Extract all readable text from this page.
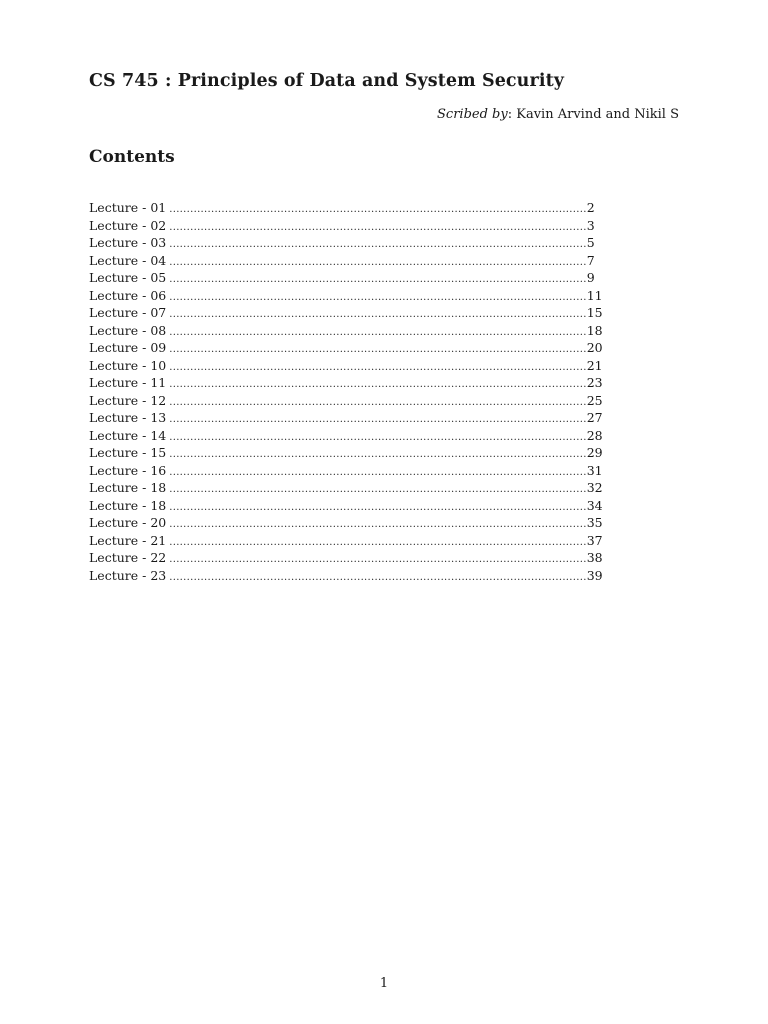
CS 745 : Principles of Data and System Security
Scribed by: Kavin Arvind and Nikil S
Contents
Lecture - 01 ........................................................................................................................ 2
Lecture - 02 ........................................................................................................................ 3
Lecture - 03 ........................................................................................................................ 5
Lecture - 04 ........................................................................................................................ 7
Lecture - 05 ........................................................................................................................ 9
Lecture - 06 ........................................................................................................................ 11
Lecture - 07 ........................................................................................................................ 15
Lecture - 08 ........................................................................................................................ 18
Lecture - 09 ........................................................................................................................ 20
Lecture - 10 ........................................................................................................................ 21
Lecture - 11 ........................................................................................................................ 23
Lecture - 12 ........................................................................................................................ 25
Lecture - 13 ........................................................................................................................ 27
Lecture - 14 ........................................................................................................................ 28
Lecture - 15 ........................................................................................................................ 29
Lecture - 16 ........................................................................................................................ 31
Lecture - 18 ........................................................................................................................ 32
Lecture - 18 ........................................................................................................................ 34
Lecture - 20 ........................................................................................................................ 35
Lecture - 21 ........................................................................................................................ 37
Lecture - 22 ........................................................................................................................ 38
Lecture - 23 ........................................................................................................................ 39
1
